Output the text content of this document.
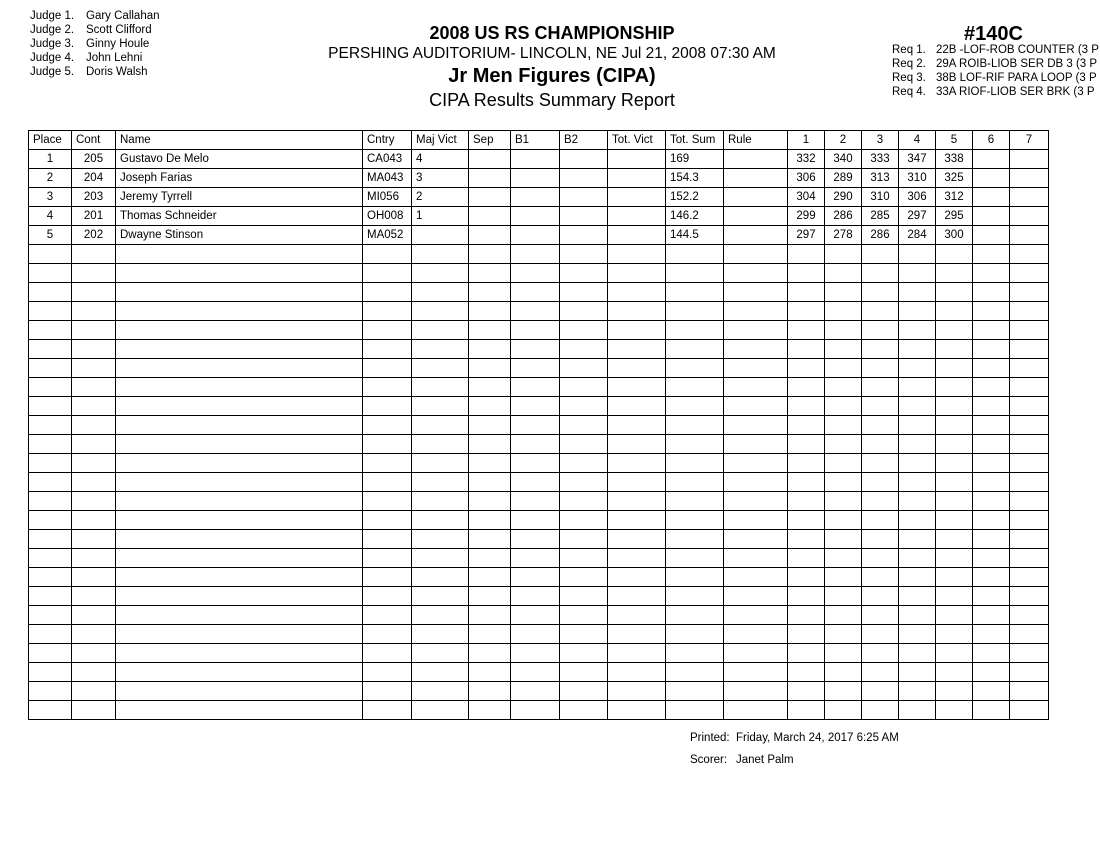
Judge 1. Gary Callahan
Judge 2. Scott Clifford
Judge 3. Ginny Houle
Judge 4. John Lehni
Judge 5. Doris Walsh
2008 US RS CHAMPIONSHIP
PERSHING AUDITORIUM- LINCOLN, NE Jul 21, 2008 07:30 AM
Jr Men Figures (CIPA)
CIPA Results Summary Report
#140C
Req 1. 22B -LOF-ROB COUNTER (3 P
Req 2. 29A ROIB-LIOB SER DB 3 (3 P
Req 3. 38B LOF-RIF PARA LOOP (3 P
Req 4. 33A RIOF-LIOB SER BRK (3 P
Place	Cont	Name	Cntry	Maj Vict	Sep	B1	B2	Tot. Vict	Tot. Sum	Rule	1	2	3	4	5	6	7
1	205	Gustavo De Melo	CA043	4					169		332	340	333	347	338		
2	204	Joseph Farias	MA043	3					154.3		306	289	313	310	325		
3	203	Jeremy Tyrrell	MI056	2					152.2		304	290	310	306	312		
4	201	Thomas Schneider	OH008	1					146.2		299	286	285	297	295		
5	202	Dwayne Stinson	MA052						144.5		297	278	286	284	300		

Printed: Friday, March 24, 2017 6:25 AM
Scorer: Janet Palm
